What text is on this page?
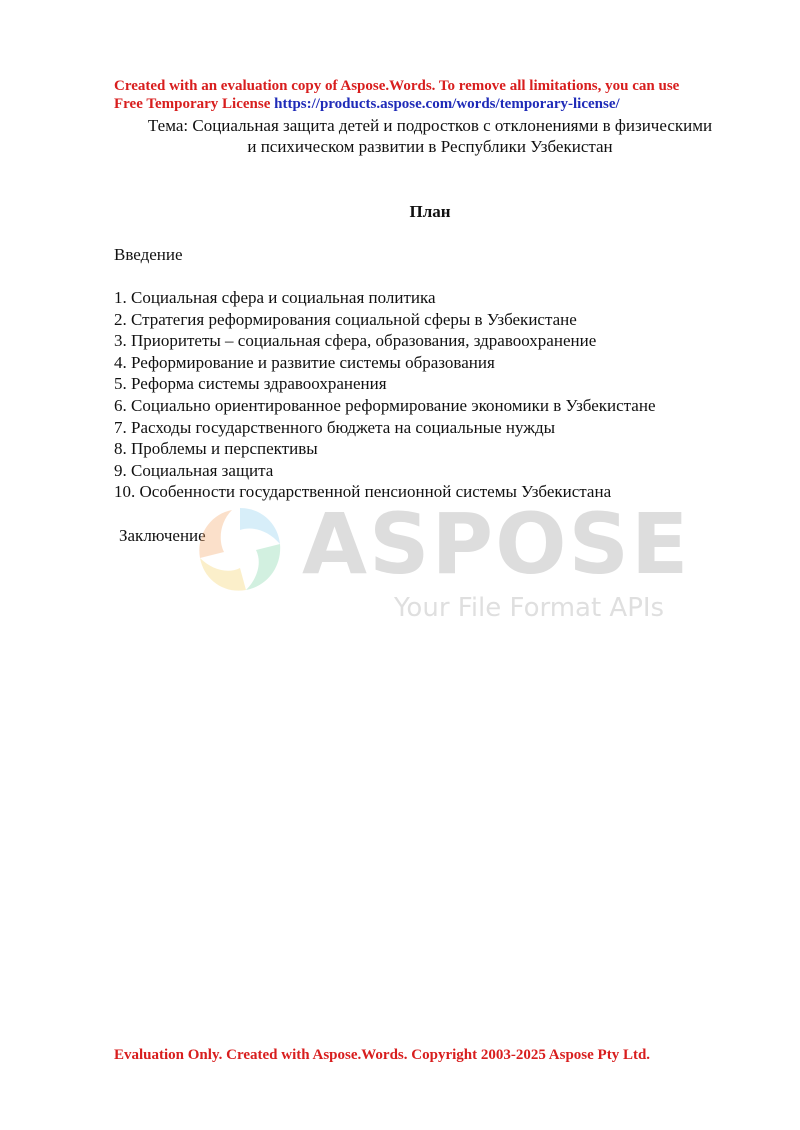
Created with an evaluation copy of Aspose.Words. To remove all limitations, you can use
Free Temporary License https://products.aspose.com/words/temporary-license/
Тема: Социальная защита детей и подростков с отклонениями в физическими
и психическом развитии в Республики Узбекистан
План
Введение
1. Социальная сфера и социальная политика
2. Стратегия реформирования социальной сферы в Узбекистане
3. Приоритеты – социальная сфера, образования, здравоохранение
4. Реформирование и развитие системы образования
5. Реформа системы здравоохранения
6. Социально ориентированное реформирование экономики в Узбекистане
7. Расходы государственного бюджета на социальные нужды
8. Проблемы и перспективы
9. Социальная защита
10. Особенности государственной пенсионной системы Узбекистана
Заключение ASPOSE
Your File Format APIs
Evaluation Only. Created with Aspose.Words. Copyright 2003-2025 Aspose Pty Ltd.
